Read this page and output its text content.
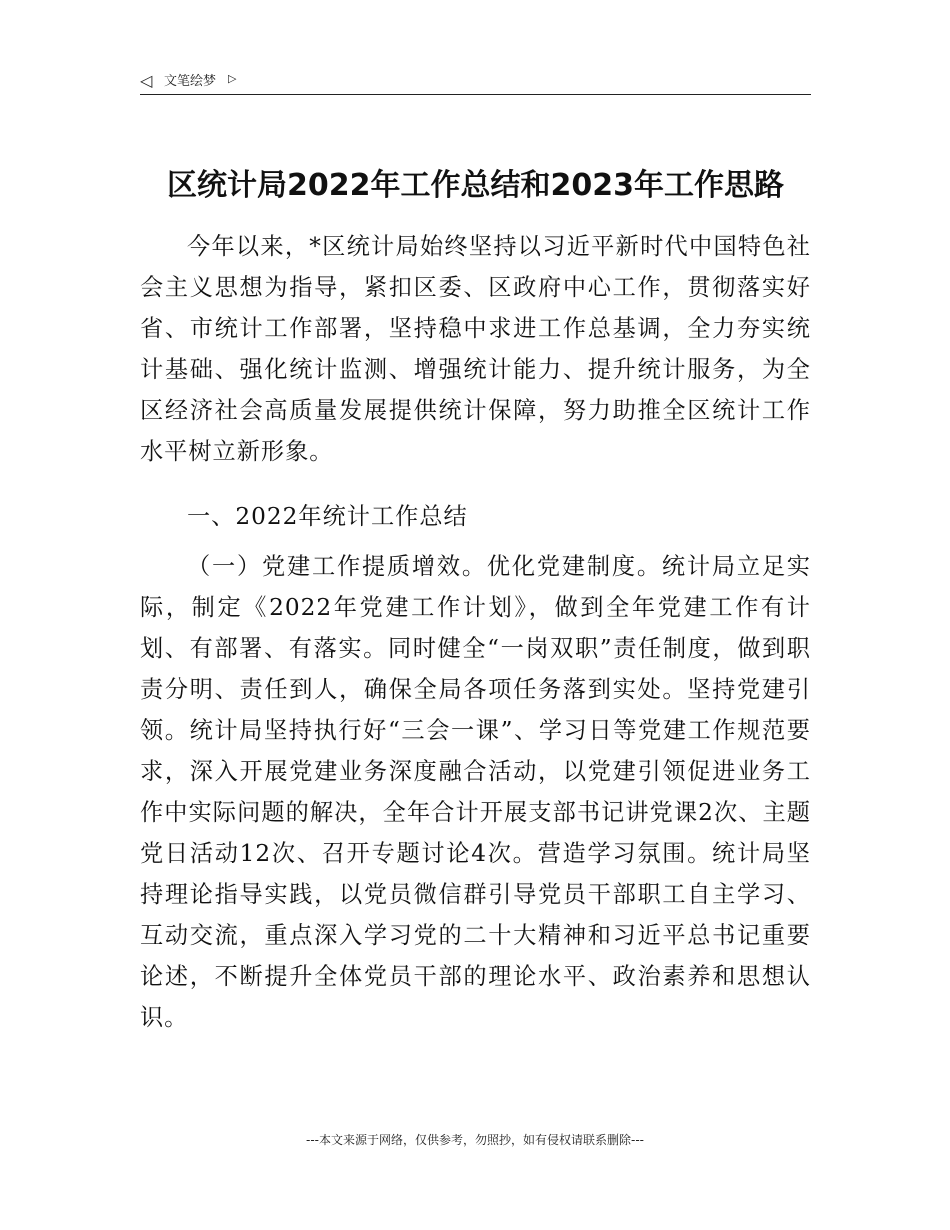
◁ 文笔绘梦 ▷
区统计局2022年工作总结和2023年工作思路

今年以来，*区统计局始终坚持以习近平新时代中国特色社会主义思想为指导，紧扣区委、区政府中心工作，贯彻落实好省、市统计工作部署，坚持稳中求进工作总基调，全力夯实统计基础、强化统计监测、增强统计能力、提升统计服务，为全区经济社会高质量发展提供统计保障，努力助推全区统计工作水平树立新形象。

一、2022年统计工作总结

（一）党建工作提质增效。优化党建制度。统计局立足实际，制定《2022年党建工作计划》，做到全年党建工作有计划、有部署、有落实。同时健全“一岗双职”责任制度，做到职责分明、责任到人，确保全局各项任务落到实处。坚持党建引领。统计局坚持执行好“三会一课”、学习日等党建工作规范要求，深入开展党建业务深度融合活动，以党建引领促进业务工作中实际问题的解决，全年合计开展支部书记讲党课2次、主题党日活动12次、召开专题讨论4次。营造学习氛围。统计局坚持理论指导实践，以党员微信群引导党员干部职工自主学习、互动交流，重点深入学习党的二十大精神和习近平总书记重要论述，不断提升全体党员干部的理论水平、政治素养和思想认识。

---本文来源于网络，仅供参考，勿照抄，如有侵权请联系删除---
